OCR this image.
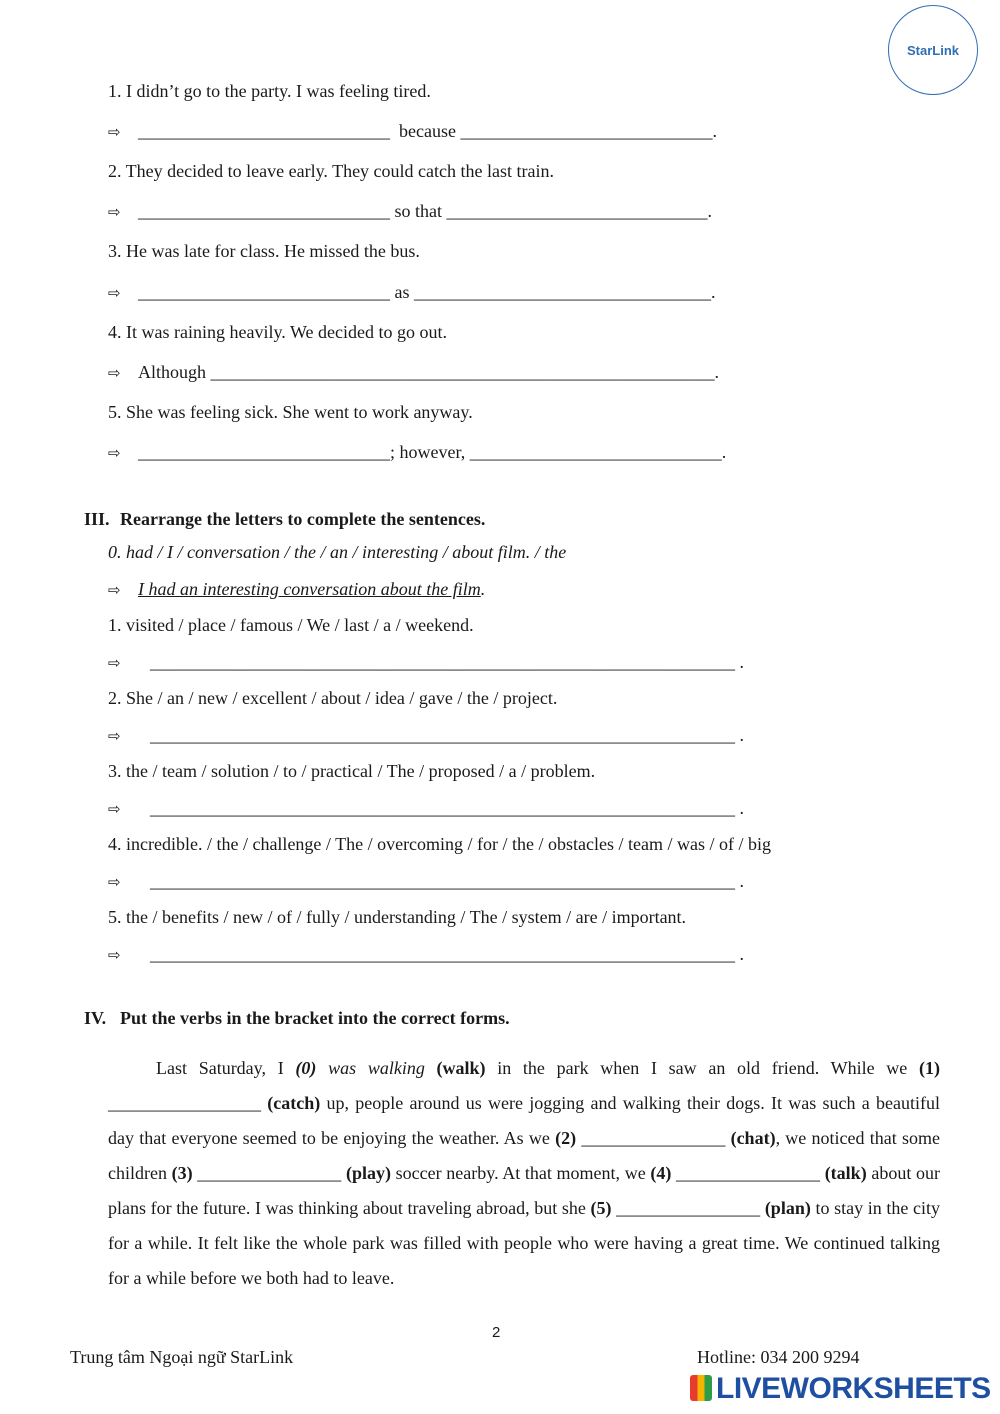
StarLink
1. I didn’t go to the party. I was feeling tired.
⇨ ____________________________  because ____________________________.
2. They decided to leave early. They could catch the last train.
⇨ ____________________________ so that _____________________________.
3. He was late for class. He missed the bus.
⇨ ____________________________ as _________________________________.
4. It was raining heavily. We decided to go out.
⇨ Although ________________________________________________________.
5. She was feeling sick. She went to work anyway.
⇨ ____________________________; however, ____________________________.
III. Rearrange the letters to complete the sentences.
0. had / I / conversation / the / an / interesting / about film. / the
⇨ I had an interesting conversation about the film.
1. visited / place / famous / We / last / a / weekend.
⇨ _________________________________________________________________ .
2. She / an / new / excellent / about / idea / gave / the / project.
⇨ _________________________________________________________________ .
3. the / team / solution / to / practical / The / proposed / a / problem.
⇨ _________________________________________________________________ .
4. incredible. / the / challenge / The / overcoming / for / the / obstacles / team / was / of / big
⇨ _________________________________________________________________ .
5. the / benefits / new / of / fully / understanding / The / system / are / important.
⇨ _________________________________________________________________ .
IV. Put the verbs in the bracket into the correct forms.
Last Saturday, I (0) was walking (walk) in the park when I saw an old friend. While we (1) _________________ (catch) up, people around us were jogging and walking their dogs. It was such a beautiful day that everyone seemed to be enjoying the weather. As we (2) ________________ (chat), we noticed that some children (3) ________________ (play) soccer nearby. At that moment, we (4) ________________ (talk) about our plans for the future. I was thinking about traveling abroad, but she (5) ________________ (plan) to stay in the city for a while. It felt like the whole park was filled with people who were having a great time. We continued talking for a while before we both had to leave.
2
Trung tâm Ngoại ngữ StarLink	Hotline: 034 200 9294
LIVEWORKSHEETS
